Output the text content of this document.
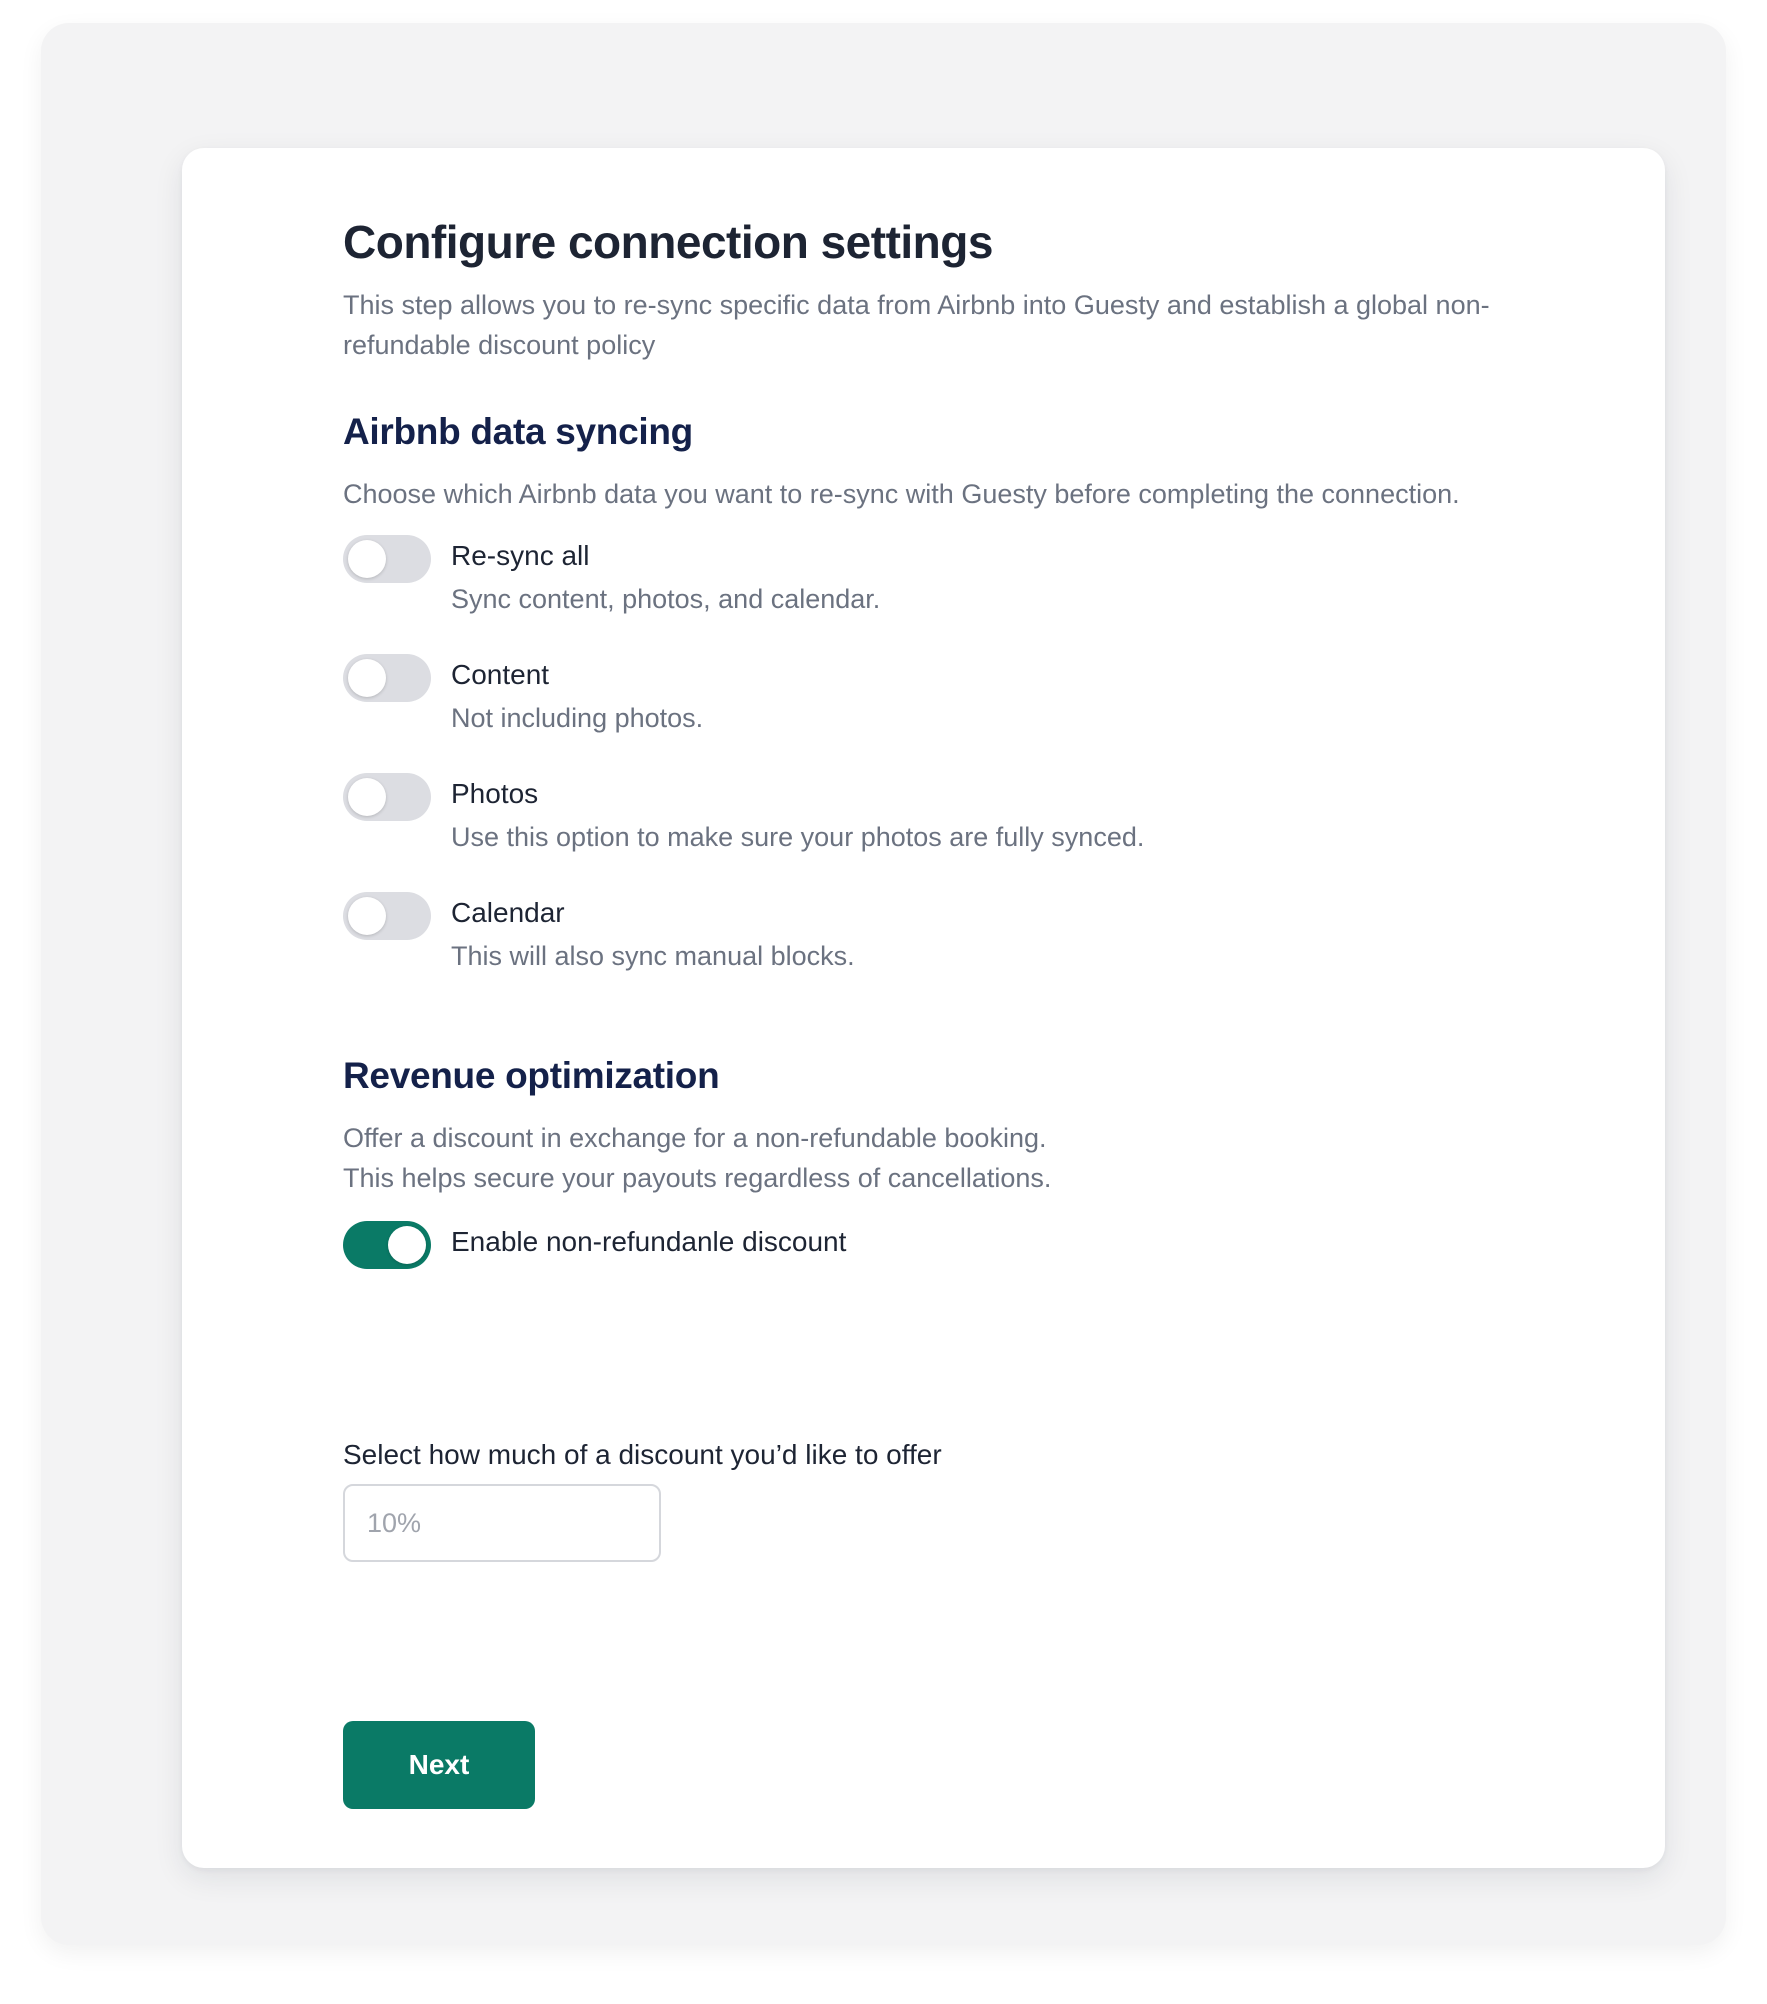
Configure connection settings
This step allows you to re-sync specific data from Airbnb into Guesty and establish a global non-refundable discount policy
Airbnb data syncing
Choose which Airbnb data you want to re-sync with Guesty before completing the connection.
Re-sync all
Sync content, photos, and calendar.
Content
Not including photos.
Photos
Use this option to make sure your photos are fully synced.
Calendar
This will also sync manual blocks.
Revenue optimization
Offer a discount in exchange for a non-refundable booking.
This helps secure your payouts regardless of cancellations.
Enable non-refundanle discount
Select how much of a discount you’d like to offer
10%
Next
